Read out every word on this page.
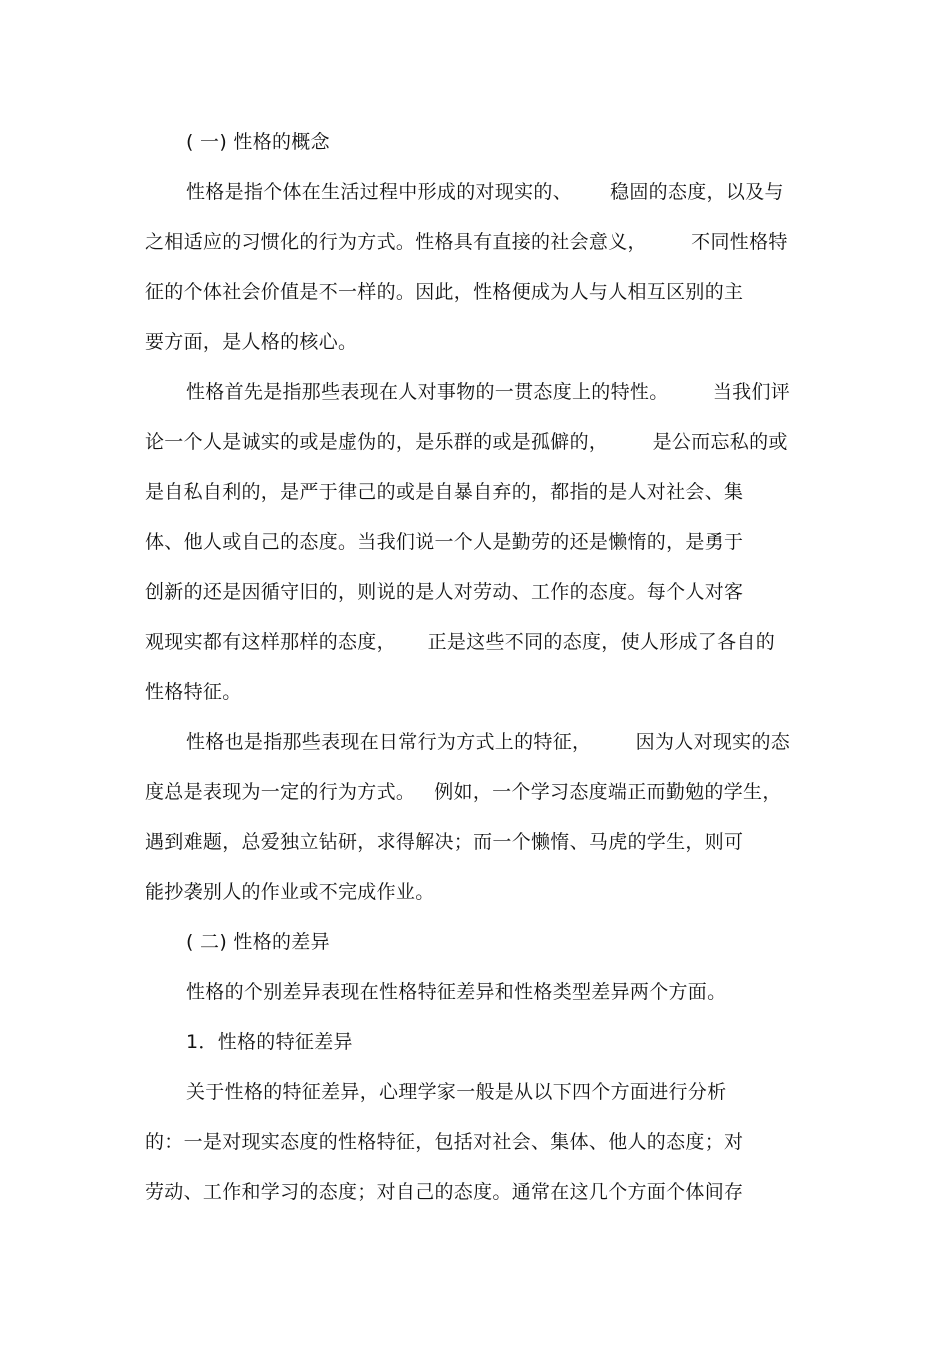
( 一) 性格的概念
性格是指个体在生活过程中形成的对现实的、      稳固的态度，以及与
之相适应的习惯化的行为方式。性格具有直接的社会意义，       不同性格特
征的个体社会价值是不一样的。因此，性格便成为人与人相互区别的主
要方面，是人格的核心。
性格首先是指那些表现在人对事物的一贯态度上的特性。       当我们评
论一个人是诚实的或是虚伪的，是乐群的或是孤僻的，       是公而忘私的或
是自私自利的，是严于律己的或是自暴自弃的，都指的是人对社会、集
体、他人或自己的态度。当我们说一个人是勤劳的还是懒惰的，是勇于
创新的还是因循守旧的，则说的是人对劳动、工作的态度。每个人对客
观现实都有这样那样的态度，     正是这些不同的态度，使人形成了各自的
性格特征。
性格也是指那些表现在日常行为方式上的特征，       因为人对现实的态
度总是表现为一定的行为方式。   例如，一个学习态度端正而勤勉的学生，
遇到难题，总爱独立钻研，求得解决；而一个懒惰、马虎的学生，则可
能抄袭别人的作业或不完成作业。
( 二) 性格的差异
性格的个别差异表现在性格特征差异和性格类型差异两个方面。
1．性格的特征差异
关于性格的特征差异，心理学家一般是从以下四个方面进行分析
的：一是对现实态度的性格特征，包括对社会、集体、他人的态度；对
劳动、工作和学习的态度；对自己的态度。通常在这几个方面个体间存
